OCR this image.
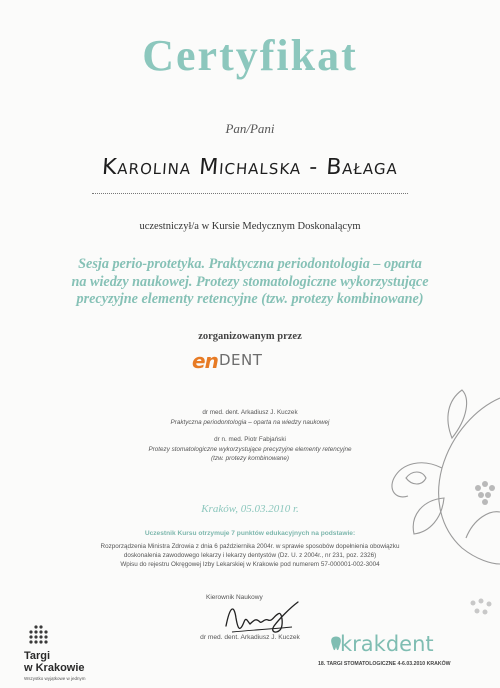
Certyfikat
Pan/Pani
Karolina Michalska - Bałaga
uczestniczył/a w Kursie Medycznym Doskonalącym
Sesja perio-protetyka. Praktyczna periodontologia – oparta
na wiedzy naukowej. Protezy stomatologiczne wykorzystujące
precyzyjne elementy retencyjne (tzw. protezy kombinowane)
zorganizowanym przez
en DENT
dr med. dent. Arkadiusz J. Kuczek
Praktyczna periodontologia – oparta na wiedzy naukowej
dr n. med. Piotr Fabjański
Protezy stomatologiczne wykorzystujące precyzyjne elementy retencyjne
(tzw. protezy kombinowane)
Kraków, 05.03.2010 r.
Uczestnik Kursu otrzymuje 7 punktów edukacyjnych na podstawie:
Rozporządzenia Ministra Zdrowia z dnia 6 października 2004r. w sprawie sposobów dopełnienia obowiązku
doskonalenia zawodowego lekarzy i lekarzy dentystów (Dz. U. z 2004r., nr 231, poz. 2326)
Wpisu do rejestru Okręgowej Izby Lekarskiej w Krakowie pod numerem 57-000001-002-3004
Kierownik Naukowy
dr med. dent. Arkadiusz J. Kuczek
Targi
w Krakowie
Wszystko wyjątkowe w jednym
krakdent
18. TARGI STOMATOLOGICZNE 4-6.03.2010 KRAKÓW
